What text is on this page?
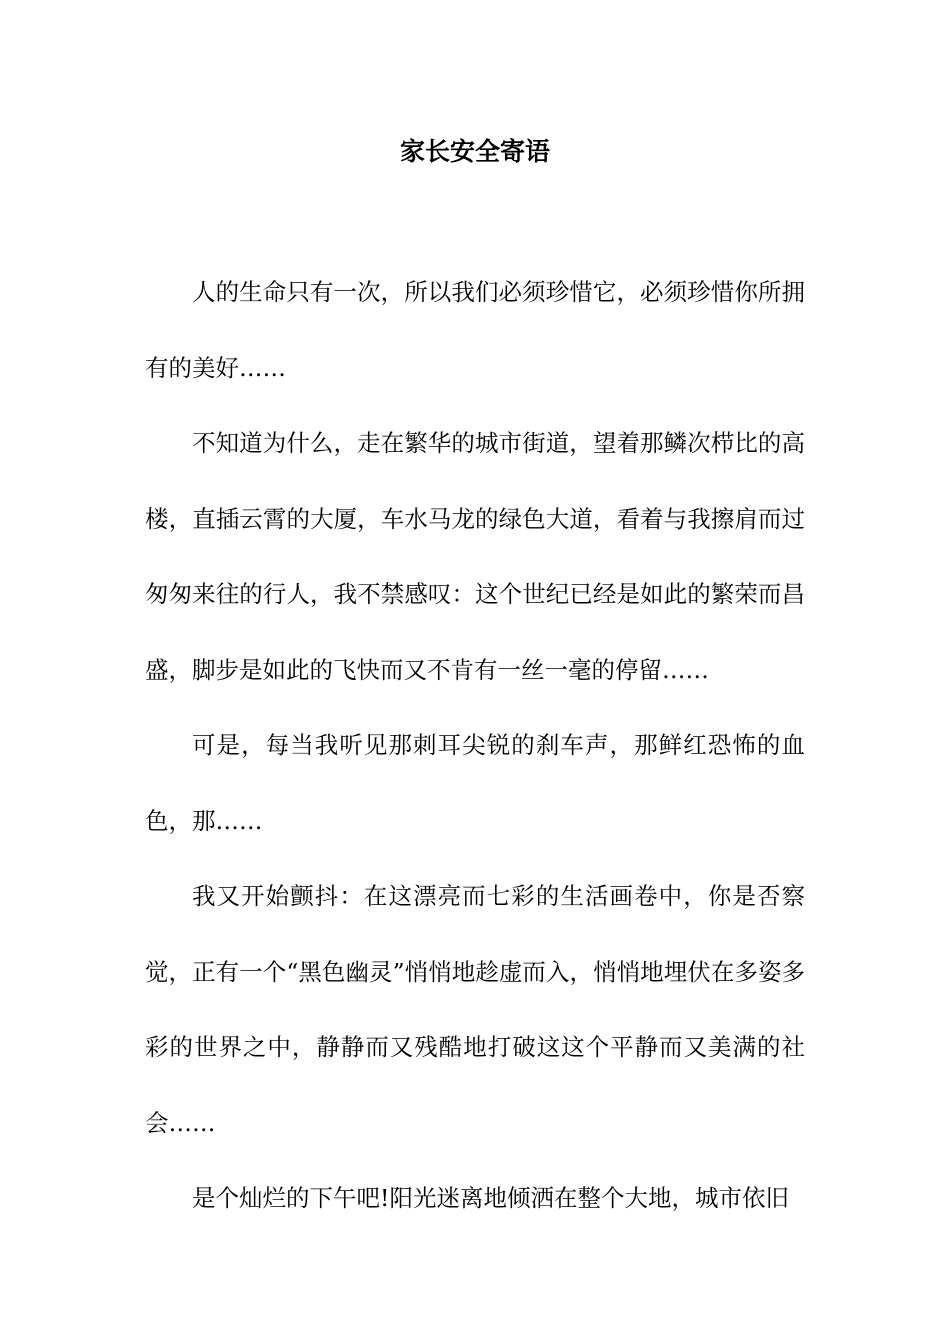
家长安全寄语

人的生命只有一次，所以我们必须珍惜它，必须珍惜你所拥有的美好……

不知道为什么，走在繁华的城市街道，望着那鳞次栉比的高楼，直插云霄的大厦，车水马龙的绿色大道，看着与我擦肩而过匆匆来往的行人，我不禁感叹：这个世纪已经是如此的繁荣而昌盛，脚步是如此的飞快而又不肯有一丝一毫的停留……

可是，每当我听见那刺耳尖锐的刹车声，那鲜红恐怖的血色，那……

我又开始颤抖：在这漂亮而七彩的生活画卷中，你是否察觉，正有一个“黑色幽灵”悄悄地趁虚而入，悄悄地埋伏在多姿多彩的世界之中，静静而又残酷地打破这这个平静而又美满的社会……

是个灿烂的下午吧!阳光迷离地倾洒在整个大地，城市依旧
